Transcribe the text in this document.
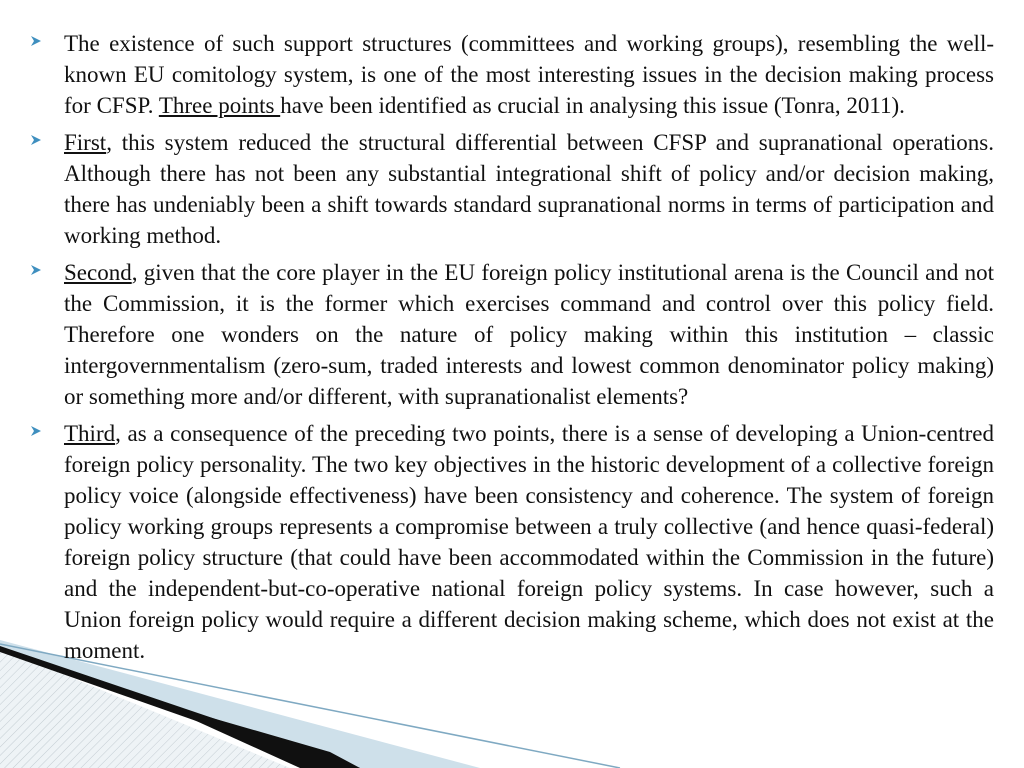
The existence of such support structures (committees and working groups), resembling the well-known EU comitology system, is one of the most interesting issues in the decision making process for CFSP. Three points have been identified as crucial in analysing this issue (Tonra, 2011).
First, this system reduced the structural differential between CFSP and supranational operations. Although there has not been any substantial integrational shift of policy and/or decision making, there has undeniably been a shift towards standard supranational norms in terms of participation and working method.
Second, given that the core player in the EU foreign policy institutional arena is the Council and not the Commission, it is the former which exercises command and control over this policy field. Therefore one wonders on the nature of policy making within this institution – classic intergovernmentalism (zero-sum, traded interests and lowest common denominator policy making) or something more and/or different, with supranationalist elements?
Third, as a consequence of the preceding two points, there is a sense of developing a Union-centred foreign policy personality. The two key objectives in the historic development of a collective foreign policy voice (alongside effectiveness) have been consistency and coherence. The system of foreign policy working groups represents a compromise between a truly collective (and hence quasi-federal) foreign policy structure (that could have been accommodated within the Commission in the future) and the independent-but-co-operative national foreign policy systems. In case however, such a Union foreign policy would require a different decision making scheme, which does not exist at the moment.
